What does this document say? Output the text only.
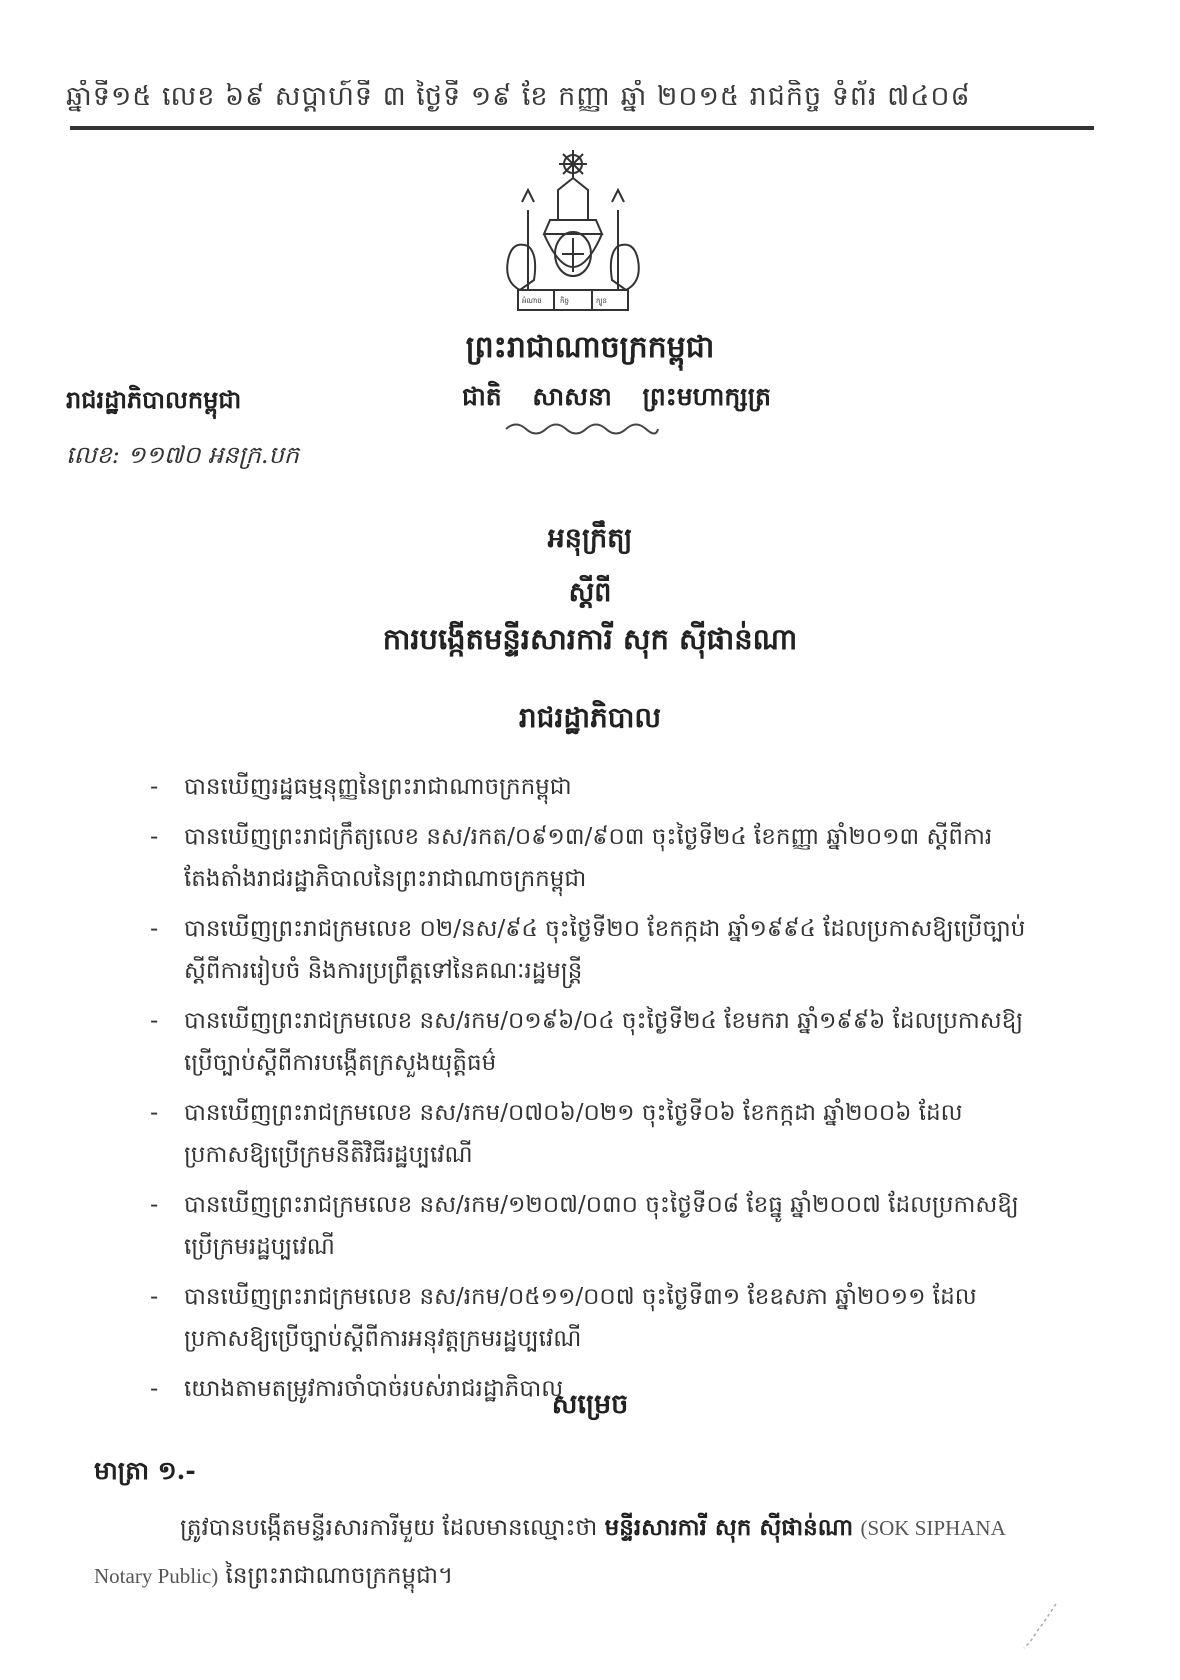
ឆ្នាំទី១៥ លេខ ៦៩ សប្តាហ៍ទី ៣ ថ្ងៃទី ១៩ ខែ កញ្ញា ឆ្នាំ ២០១៥ រាជកិច្ច ទំព័រ ៧៤០៨
អំណាច	កិច្ច	ក្បួន
ព្រះរាជាណាចក្រកម្ពុជា
ជាតិ សាសនា ព្រះមហាក្សត្រ
រាជរដ្ឋាភិបាលកម្ពុជា
លេខ: ១១៧០ អនក្រ.បក
អនុក្រឹត្យ
ស្តីពី
ការបង្កើតមន្ទីរសារការី សុក ស៊ីផាន់ណា
រាជរដ្ឋាភិបាល
- បានឃើញរដ្ឋធម្មនុញ្ញនៃព្រះរាជាណាចក្រកម្ពុជា
- បានឃើញព្រះរាជក្រឹត្យលេខ នស/រកត/០៩១៣/៩០៣ ចុះថ្ងៃទី២៤ ខែកញ្ញា ឆ្នាំ២០១៣ ស្តីពីការតែងតាំងរាជរដ្ឋាភិបាលនៃព្រះរាជាណាចក្រកម្ពុជា
- បានឃើញព្រះរាជក្រមលេខ ០២/នស/៩៤ ចុះថ្ងៃទី២០ ខែកក្កដា ឆ្នាំ១៩៩៤ ដែលប្រកាសឱ្យប្រើច្បាប់ស្តីពីការរៀបចំ និងការប្រព្រឹត្តទៅនៃគណៈរដ្ឋមន្ត្រី
- បានឃើញព្រះរាជក្រមលេខ នស/រកម/០១៩៦/០៤ ចុះថ្ងៃទី២៤ ខែមករា ឆ្នាំ១៩៩៦ ដែលប្រកាសឱ្យប្រើច្បាប់ស្តីពីការបង្កើតក្រសួងយុត្តិធម៌
- បានឃើញព្រះរាជក្រមលេខ នស/រកម/០៧០៦/០២១ ចុះថ្ងៃទី០៦ ខែកក្កដា ឆ្នាំ២០០៦ ដែលប្រកាសឱ្យប្រើក្រមនីតិវិធីរដ្ឋប្បវេណី
- បានឃើញព្រះរាជក្រមលេខ នស/រកម/១២០៧/០៣០ ចុះថ្ងៃទី០៨ ខែធ្នូ ឆ្នាំ២០០៧ ដែលប្រកាសឱ្យប្រើក្រមរដ្ឋប្បវេណី
- បានឃើញព្រះរាជក្រមលេខ នស/រកម/០៥១១/០០៧ ចុះថ្ងៃទី៣១ ខែឧសភា ឆ្នាំ២០១១ ដែលប្រកាសឱ្យប្រើច្បាប់ស្តីពីការអនុវត្តក្រមរដ្ឋប្បវេណី
- យោងតាមតម្រូវការចាំបាច់របស់រាជរដ្ឋាភិបាល
សម្រេច
មាត្រា ១.-
ត្រូវបានបង្កើតមន្ទីរសារការីមួយ ដែលមានឈ្មោះថា មន្ទីរសារការី សុក ស៊ីផាន់ណា (SOK SIPHANA Notary Public) នៃព្រះរាជាណាចក្រកម្ពុជា។
